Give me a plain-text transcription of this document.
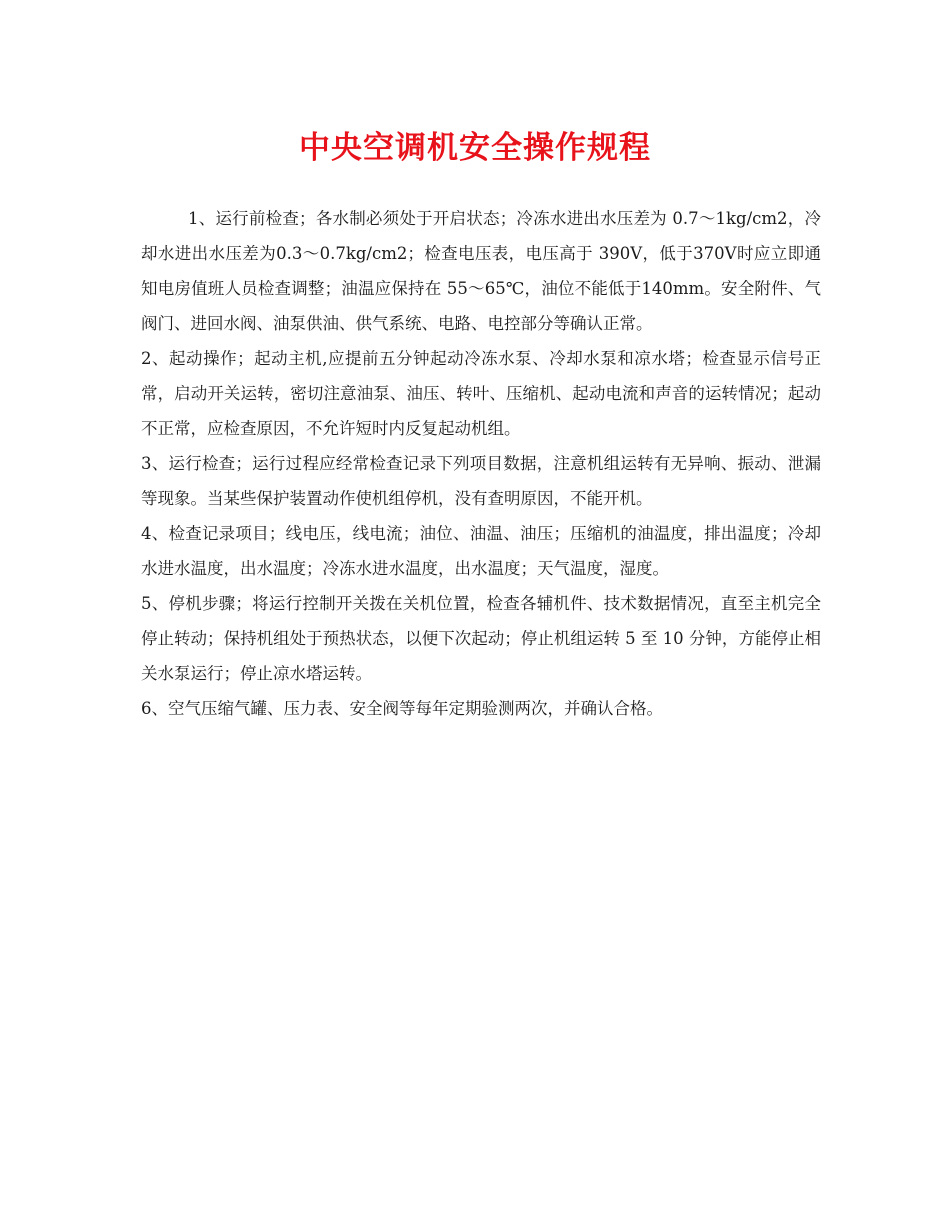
中央空调机安全操作规程

1、运行前检查；各水制必须处于开启状态；冷冻水进出水压差为 0.7～1kg/cm2，冷却水进出水压差为0.3～0.7kg/cm2；检查电压表，电压高于 390V，低于370V时应立即通知电房值班人员检查调整；油温应保持在 55～65℃，油位不能低于140mm。安全附件、气阀门、进回水阀、油泵供油、供气系统、电路、电控部分等确认正常。

2、起动操作；起动主机,应提前五分钟起动冷冻水泵、冷却水泵和凉水塔；检查显示信号正常，启动开关运转，密切注意油泵、油压、转叶、压缩机、起动电流和声音的运转情况；起动不正常，应检查原因，不允许短时内反复起动机组。

3、运行检查；运行过程应经常检查记录下列项目数据，注意机组运转有无异响、振动、泄漏等现象。当某些保护装置动作使机组停机，没有查明原因，不能开机。

4、检查记录项目；线电压，线电流；油位、油温、油压；压缩机的油温度，排出温度；冷却水进水温度，出水温度；冷冻水进水温度，出水温度；天气温度，湿度。

5、停机步骤；将运行控制开关拨在关机位置，检查各辅机件、技术数据情况，直至主机完全停止转动；保持机组处于预热状态，以便下次起动；停止机组运转 5 至 10 分钟，方能停止相关水泵运行；停止凉水塔运转。

6、空气压缩气罐、压力表、安全阀等每年定期验测两次，并确认合格。
